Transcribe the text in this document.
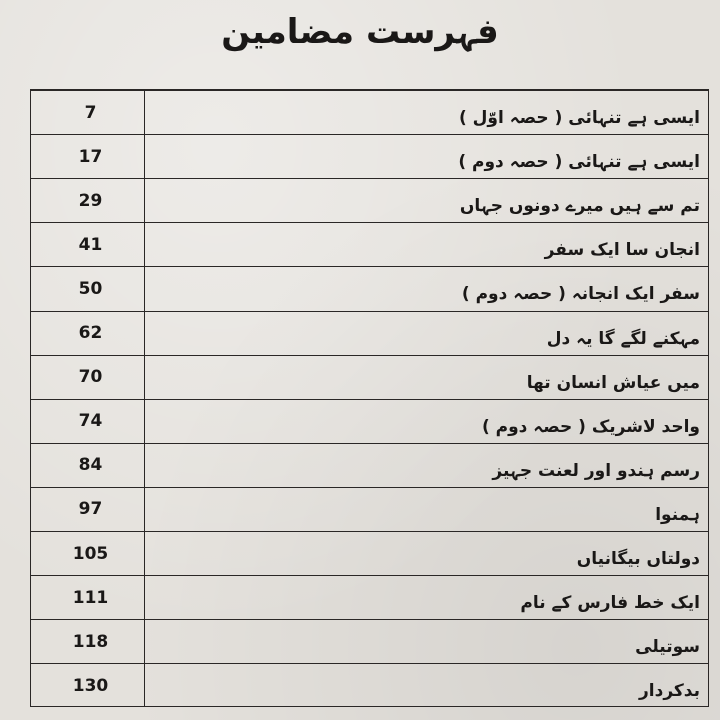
فہرست مضامین
7	ایسی ہے تنہائی ( حصہ اوّل )
17	ایسی ہے تنہائی ( حصہ دوم )
29	تم سے ہیں میرے دونوں جہاں
41	انجان سا ایک سفر
50	سفر ایک انجانہ ( حصہ دوم )
62	مہکنے لگے گا یہ دل
70	میں عیاش انسان تھا
74	واحد لاشریک ( حصہ دوم )
84	رسم ہندو اور لعنت جہیز
97	ہمنوا
105	دولتاں بیگانیاں
111	ایک خط فارس کے نام
118	سوتیلی
130	بدکردار
